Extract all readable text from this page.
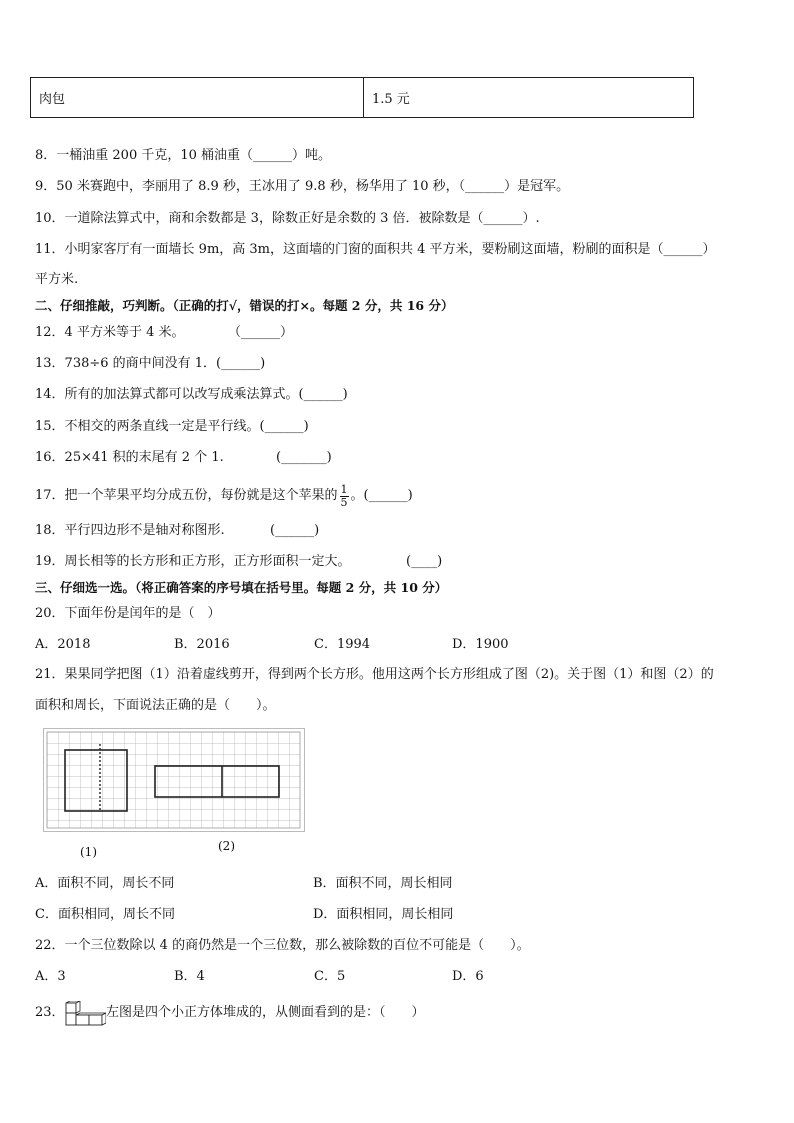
肉包	1.5 元
8．一桶油重 200 千克，10 桶油重（______）吨。
9．50 米赛跑中，李丽用了 8.9 秒，王冰用了 9.8 秒，杨华用了 10 秒，（______）是冠军。
10．一道除法算式中，商和余数都是 3，除数正好是余数的 3 倍．被除数是（______）.
11．小明家客厅有一面墙长 9m，高 3m，这面墙的门窗的面积共 4 平方米，要粉刷这面墙，粉刷的面积是（______）
平方米.
二、仔细推敲，巧判断。（正确的打√，错误的打×。每题 2 分，共 16 分）
12．4 平方米等于 4 米。	（______）
13．738÷6 的商中间没有 1．(______)
14．所有的加法算式都可以改写成乘法算式。(______)
15．不相交的两条直线一定是平行线。(______)
16．25×41 积的末尾有 2 个 1.	(_______)
17．把一个苹果平均分成五份，每份就是这个苹果的 $\frac{1}{5}$ 。(______)
18．平行四边形不是轴对称图形.	(______)
19．周长相等的长方形和正方形，正方形面积一定大。	(____)
三、仔细选一选。（将正确答案的序号填在括号里。每题 2 分，共 10 分）
20．下面年份是闰年的是（　）
A．2018	B．2016	C．1994	D．1900
21．果果同学把图（1）沿着虚线剪开，得到两个长方形。他用这两个长方形组成了图（2)。关于图（1）和图（2）的
面积和周长，下面说法正确的是（　　）。
(1)	(2)
A．面积不同，周长不同	B．面积不同，周长相同
C．面积相同，周长不同	D．面积相同，周长相同
22．一个三位数除以 4 的商仍然是一个三位数，那么被除数的百位不可能是（　　）。
A．3	B．4	C．5	D．6
23．	左图是四个小正方体堆成的，从侧面看到的是：（　　）
